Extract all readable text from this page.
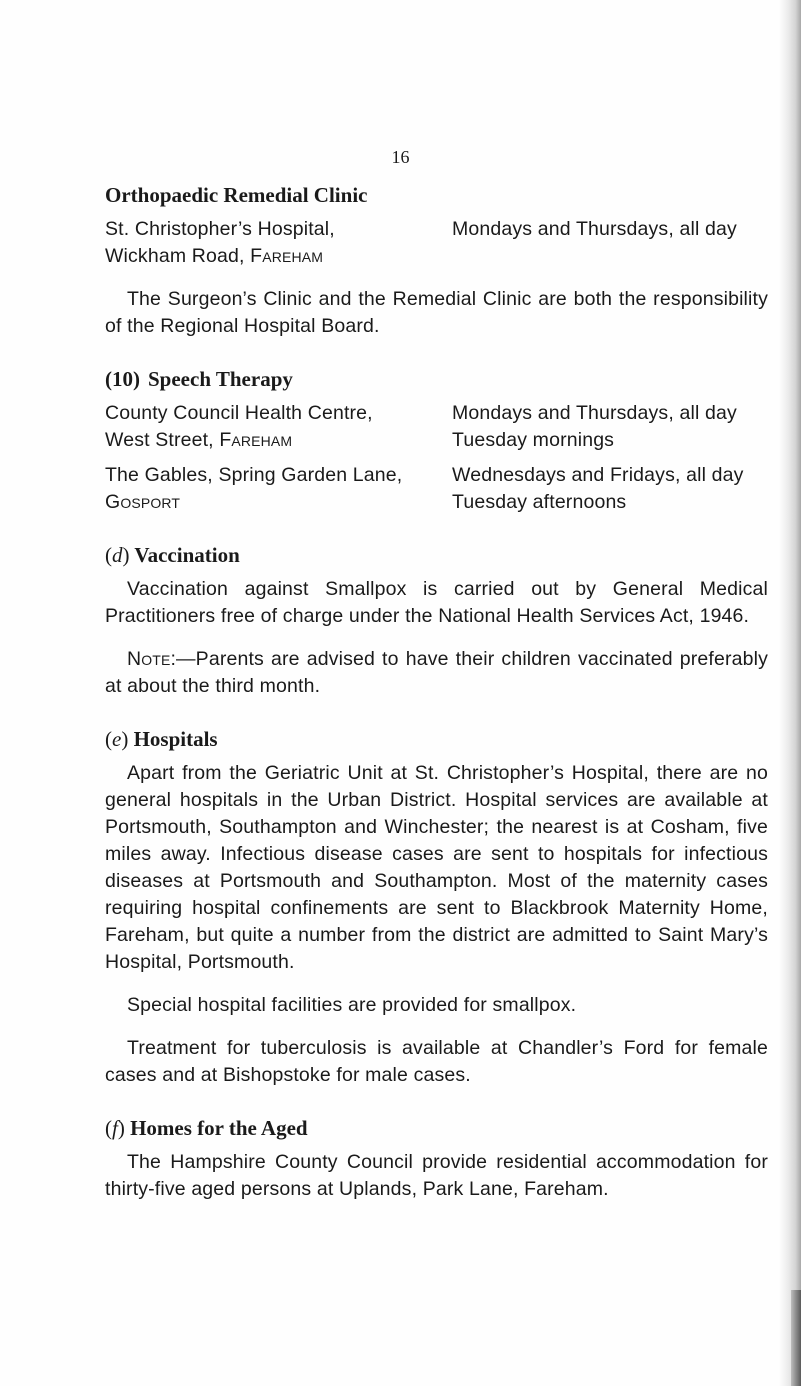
16
Orthopaedic Remedial Clinic
St. Christopher’s Hospital,
Wickham Road, Fareham
Mondays and Thursdays, all day

The Surgeon’s Clinic and the Remedial Clinic are both the responsibility of the Regional Hospital Board.

(10) Speech Therapy
County Council Health Centre,
West Street, Fareham
Mondays and Thursdays, all day
Tuesday mornings
The Gables, Spring Garden Lane,
Gosport
Wednesdays and Fridays, all day
Tuesday afternoons
(d) Vaccination

Vaccination against Smallpox is carried out by General Medical Practitioners free of charge under the National Health Services Act, 1946.

Note:—Parents are advised to have their children vaccinated preferably at about the third month.

(e) Hospitals

Apart from the Geriatric Unit at St. Christopher’s Hospital, there are no general hospitals in the Urban District. Hospital services are available at Portsmouth, Southampton and Winchester; the nearest is at Cosham, five miles away. Infectious disease cases are sent to hospitals for infectious diseases at Portsmouth and Southampton. Most of the maternity cases requiring hospital confinements are sent to Blackbrook Maternity Home, Fareham, but quite a number from the district are admitted to Saint Mary’s Hospital, Portsmouth.

Special hospital facilities are provided for smallpox.

Treatment for tuberculosis is available at Chandler’s Ford for female cases and at Bishopstoke for male cases.

(f) Homes for the Aged

The Hampshire County Council provide residential accommodation for thirty-five aged persons at Uplands, Park Lane, Fareham.
